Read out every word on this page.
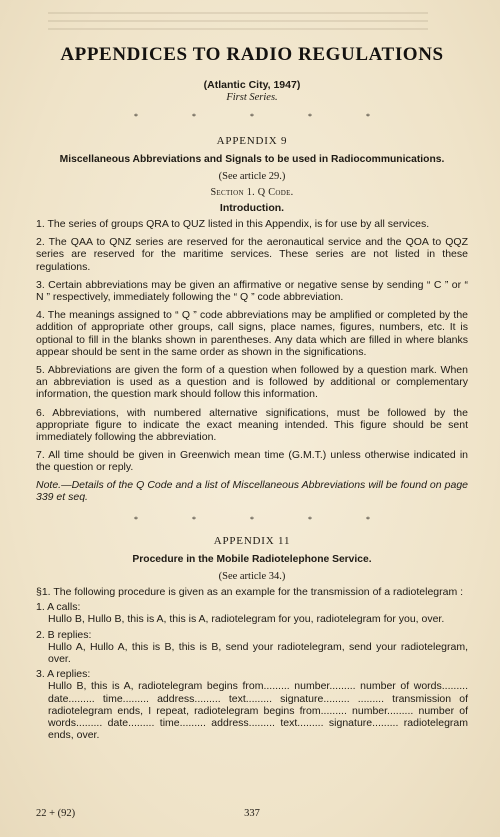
APPENDICES TO RADIO REGULATIONS
(Atlantic City, 1947)
First Series.
* * * * *
APPENDIX 9
Miscellaneous Abbreviations and Signals to be used in Radiocommunications.
(See article 29.)
Section 1. Q Code.
Introduction.

1. The series of groups QRA to QUZ listed in this Appendix, is for use by all services.

2. The QAA to QNZ series are reserved for the aeronautical service and the QOA to QQZ series are reserved for the maritime services. These series are not listed in these regulations.

3. Certain abbreviations may be given an affirmative or negative sense by sending “ C ” or “ N ” respectively, immediately following the “ Q ” code abbreviation.

4. The meanings assigned to “ Q ” code abbreviations may be amplified or completed by the addition of appropriate other groups, call signs, place names, figures, numbers, etc. It is optional to fill in the blanks shown in parentheses. Any data which are filled in where blanks appear should be sent in the same order as shown in the significations.

5. Abbreviations are given the form of a question when followed by a question mark. When an abbreviation is used as a question and is followed by additional or complementary information, the question mark should follow this information.

6. Abbreviations, with numbered alternative significations, must be followed by the appropriate figure to indicate the exact meaning intended. This figure should be sent immediately following the abbreviation.

7. All time should be given in Greenwich mean time (G.M.T.) unless otherwise indicated in the question or reply.

Note.—Details of the Q Code and a list of Miscellaneous Abbreviations will be found on page 339 et seq.

* * * * *
APPENDIX 11
Procedure in the Mobile Radiotelephone Service.
(See article 34.)

§1. The following procedure is given as an example for the transmission of a radiotelegram :

1. A calls:

Hullo B, Hullo B, this is A, this is A, radiotelegram for you, radiotelegram for you, over.

2. B replies:

Hullo A, Hullo A, this is B, this is B, send your radiotelegram, send your radiotelegram, over.

3. A replies:

Hullo B, this is A, radiotelegram begins from......... number......... number of words......... date......... time......... address......... text......... signature......... ......... transmission of radiotelegram ends, I repeat, radiotelegram begins from......... number......... number of words......... date......... time......... address......... text......... signature......... radiotelegram ends, over.

22 + (92)	337
